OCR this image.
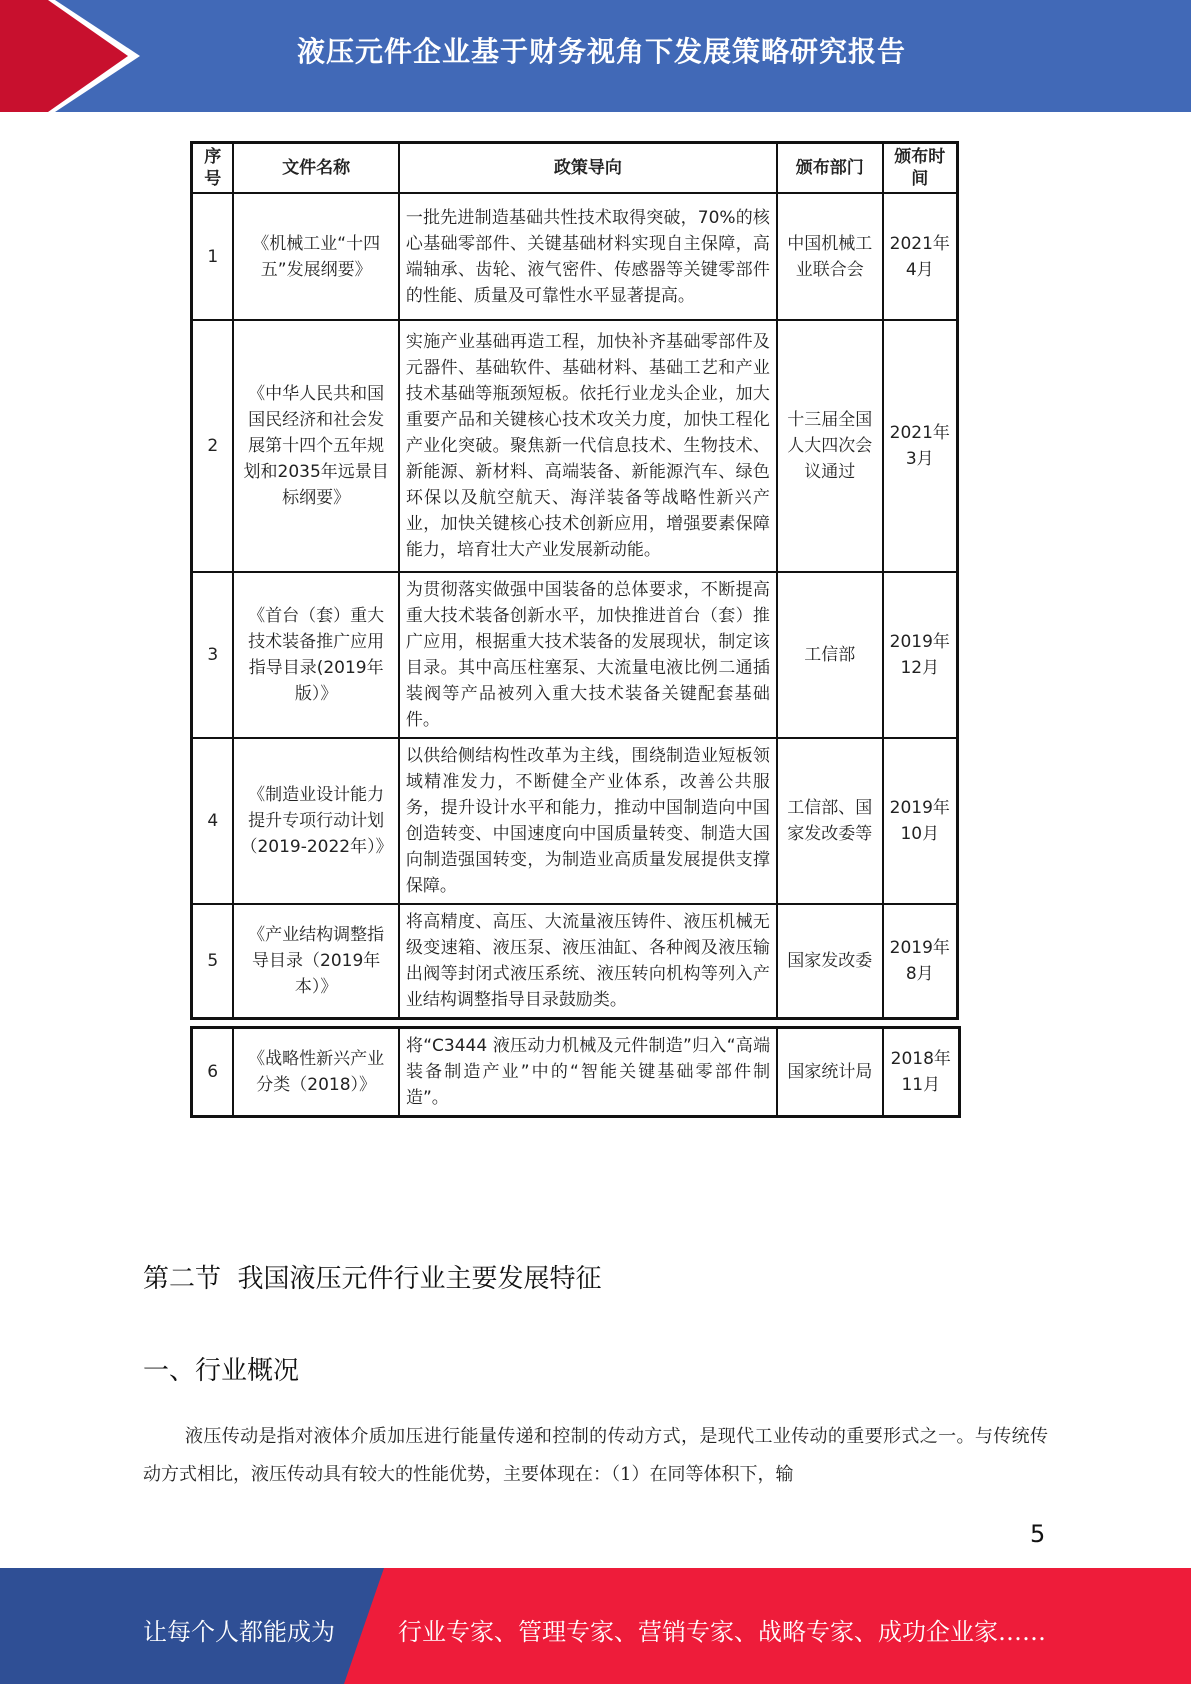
液压元件企业基于财务视角下发展策略研究报告
序号	文件名称	政策导向	颁布部门	颁布时间
1	《机械工业“十四五”发展纲要》	一批先进制造基础共性技术取得突破，70%的核心基础零部件、关键基础材料实现自主保障，高端轴承、齿轮、液气密件、传感器等关键零部件的性能、质量及可靠性水平显著提高。	中国机械工业联合会	2021年4月
2	《中华人民共和国国民经济和社会发展第十四个五年规划和2035年远景目标纲要》	实施产业基础再造工程，加快补齐基础零部件及元器件、基础软件、基础材料、基础工艺和产业技术基础等瓶颈短板。依托行业龙头企业，加大重要产品和关键核心技术攻关力度，加快工程化产业化突破。聚焦新一代信息技术、生物技术、新能源、新材料、高端装备、新能源汽车、绿色环保以及航空航天、海洋装备等战略性新兴产业，加快关键核心技术创新应用，增强要素保障能力，培育壮大产业发展新动能。	十三届全国人大四次会议通过	2021年3月
3	《首台（套）重大技术装备推广应用指导目录(2019年版）》	为贯彻落实做强中国装备的总体要求，不断提高重大技术装备创新水平，加快推进首台（套）推广应用，根据重大技术装备的发展现状，制定该目录。其中高压柱塞泵、大流量电液比例二通插装阀等产品被列入重大技术装备关键配套基础件。	工信部	2019年12月
4	《制造业设计能力提升专项行动计划（2019-2022年）》	以供给侧结构性改革为主线，围绕制造业短板领域精准发力，不断健全产业体系，改善公共服务，提升设计水平和能力，推动中国制造向中国创造转变、中国速度向中国质量转变、制造大国向制造强国转变，为制造业高质量发展提供支撑保障。	工信部、国家发改委等	2019年10月
5	《产业结构调整指导目录（2019年本）》	将高精度、高压、大流量液压铸件、液压机械无级变速箱、液压泵、液压油缸、各种阀及液压输出阀等封闭式液压系统、液压转向机构等列入产业结构调整指导目录鼓励类。	国家发改委	2019年8月
6	《战略性新兴产业分类（2018）》	将“C3444 液压动力机械及元件制造”归入“高端装备制造产业”中的“智能关键基础零部件制造”。	国家统计局	2018年11月
第二节  我国液压元件行业主要发展特征
一、行业概况
液压传动是指对液体介质加压进行能量传递和控制的传动方式，是现代工业传动的重要形式之一。与传统传动方式相比，液压传动具有较大的性能优势，主要体现在：（1）在同等体积下，输
5
让每个人都能成为	行业专家、管理专家、营销专家、战略专家、成功企业家……
